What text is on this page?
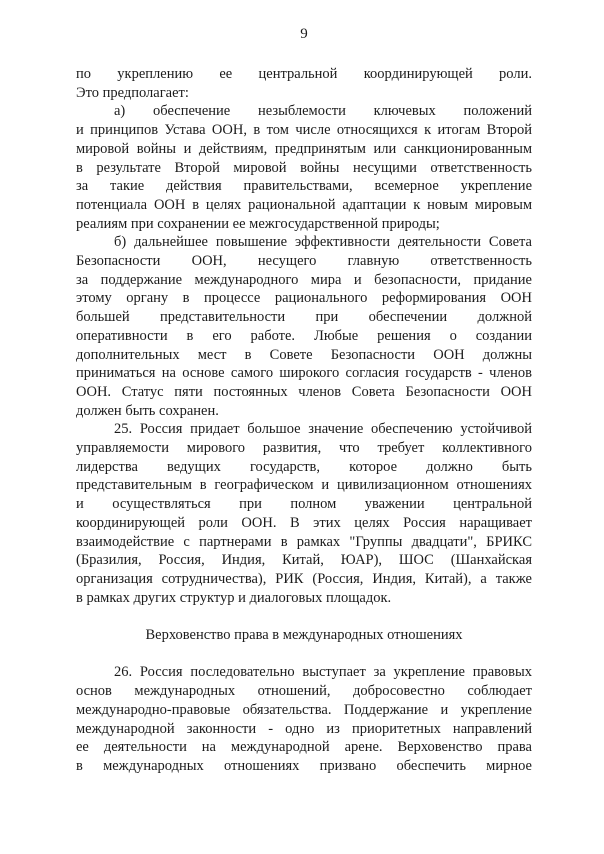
9
по укреплению ее центральной координирующей роли.
Это предполагает:
а) обеспечение незыблемости ключевых положений
и принципов Устава ООН, в том числе относящихся к итогам Второй
мировой войны и действиям, предпринятым или санкционированным
в результате Второй мировой войны несущими ответственность
за такие действия правительствами, всемерное укрепление
потенциала ООН в целях рациональной адаптации к новым мировым
реалиям при сохранении ее межгосударственной природы;
б) дальнейшее повышение эффективности деятельности Совета
Безопасности ООН, несущего главную ответственность
за поддержание международного мира и безопасности, придание
этому органу в процессе рационального реформирования ООН
большей представительности при обеспечении должной
оперативности в его работе. Любые решения о создании
дополнительных мест в Совете Безопасности ООН должны
приниматься на основе самого широкого согласия государств - членов
ООН. Статус пяти постоянных членов Совета Безопасности ООН
должен быть сохранен.
25. Россия придает большое значение обеспечению устойчивой
управляемости мирового развития, что требует коллективного
лидерства ведущих государств, которое должно быть
представительным в географическом и цивилизационном отношениях
и осуществляться при полном уважении центральной
координирующей роли ООН. В этих целях Россия наращивает
взаимодействие с партнерами в рамках "Группы двадцати", БРИКС
(Бразилия, Россия, Индия, Китай, ЮАР), ШОС (Шанхайская
организация сотрудничества), РИК (Россия, Индия, Китай), а также
в рамках других структур и диалоговых площадок.
Верховенство права в международных отношениях
26. Россия последовательно выступает за укрепление правовых
основ международных отношений, добросовестно соблюдает
международно-правовые обязательства. Поддержание и укрепление
международной законности - одно из приоритетных направлений
ее деятельности на международной арене. Верховенство права
в международных отношениях призвано обеспечить мирное
